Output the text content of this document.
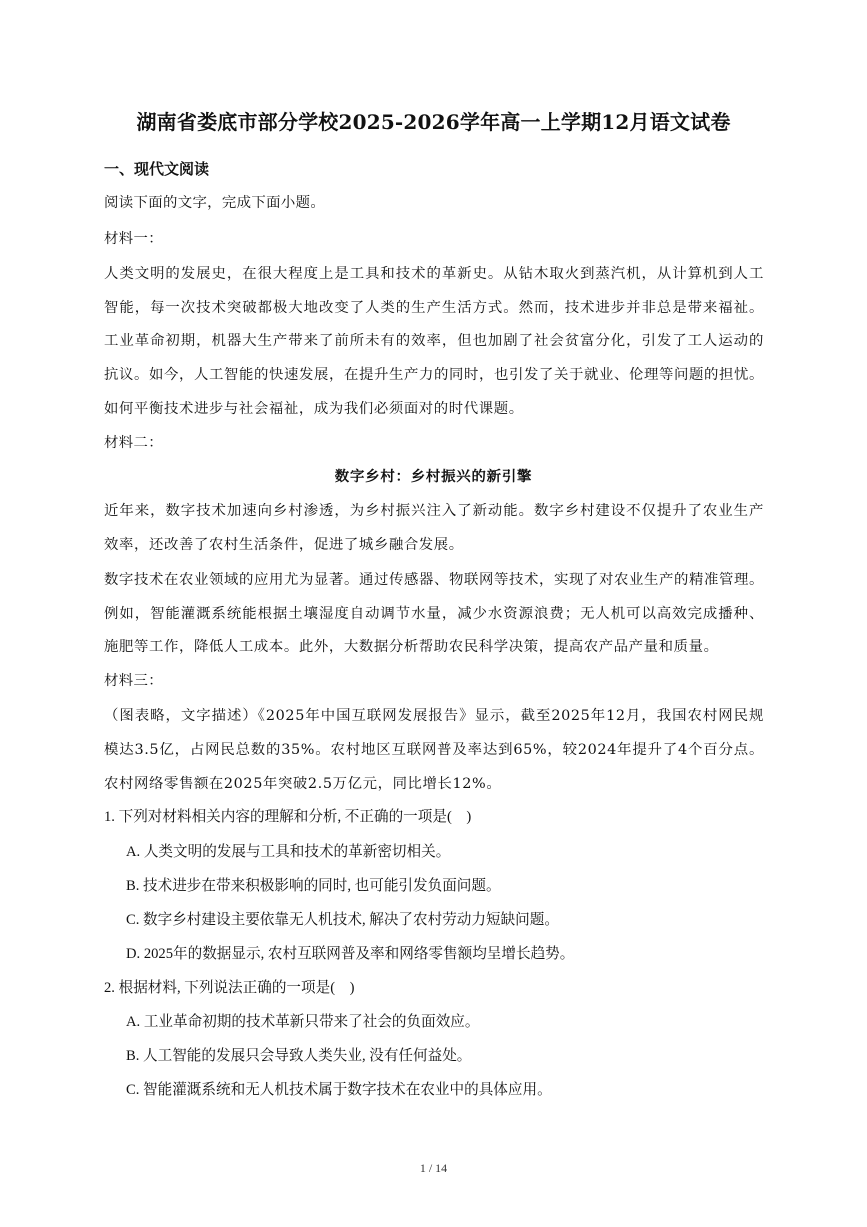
湖南省娄底市部分学校2025-2026学年高一上学期12月语文试卷
一、现代文阅读
阅读下面的文字，完成下面小题。
材料一：
人类文明的发展史，在很大程度上是工具和技术的革新史。从钻木取火到蒸汽机，从计算机到人工
智能，每一次技术突破都极大地改变了人类的生产生活方式。然而，技术进步并非总是带来福祉。
工业革命初期，机器大生产带来了前所未有的效率，但也加剧了社会贫富分化，引发了工人运动的
抗议。如今，人工智能的快速发展，在提升生产力的同时，也引发了关于就业、伦理等问题的担忧。
如何平衡技术进步与社会福祉，成为我们必须面对的时代课题。
材料二：
数字乡村：乡村振兴的新引擎
近年来，数字技术加速向乡村渗透，为乡村振兴注入了新动能。数字乡村建设不仅提升了农业生产
效率，还改善了农村生活条件，促进了城乡融合发展。
数字技术在农业领域的应用尤为显著。通过传感器、物联网等技术，实现了对农业生产的精准管理。
例如，智能灌溉系统能根据土壤湿度自动调节水量，减少水资源浪费；无人机可以高效完成播种、
施肥等工作，降低人工成本。此外，大数据分析帮助农民科学决策，提高农产品产量和质量。
材料三：
（图表略，文字描述）《2025年中国互联网发展报告》显示，截至2025年12月，我国农村网民规
模达3.5亿，占网民总数的35%。农村地区互联网普及率达到65%，较2024年提升了4个百分点。
农村网络零售额在2025年突破2.5万亿元，同比增长12%。
1. 下列对材料相关内容的理解和分析, 不正确的一项是(　)
A. 人类文明的发展与工具和技术的革新密切相关。
B. 技术进步在带来积极影响的同时, 也可能引发负面问题。
C. 数字乡村建设主要依靠无人机技术, 解决了农村劳动力短缺问题。
D. 2025年的数据显示, 农村互联网普及率和网络零售额均呈增长趋势。
2. 根据材料, 下列说法正确的一项是(　)
A. 工业革命初期的技术革新只带来了社会的负面效应。
B. 人工智能的发展只会导致人类失业, 没有任何益处。
C. 智能灌溉系统和无人机技术属于数字技术在农业中的具体应用。
1 / 14
